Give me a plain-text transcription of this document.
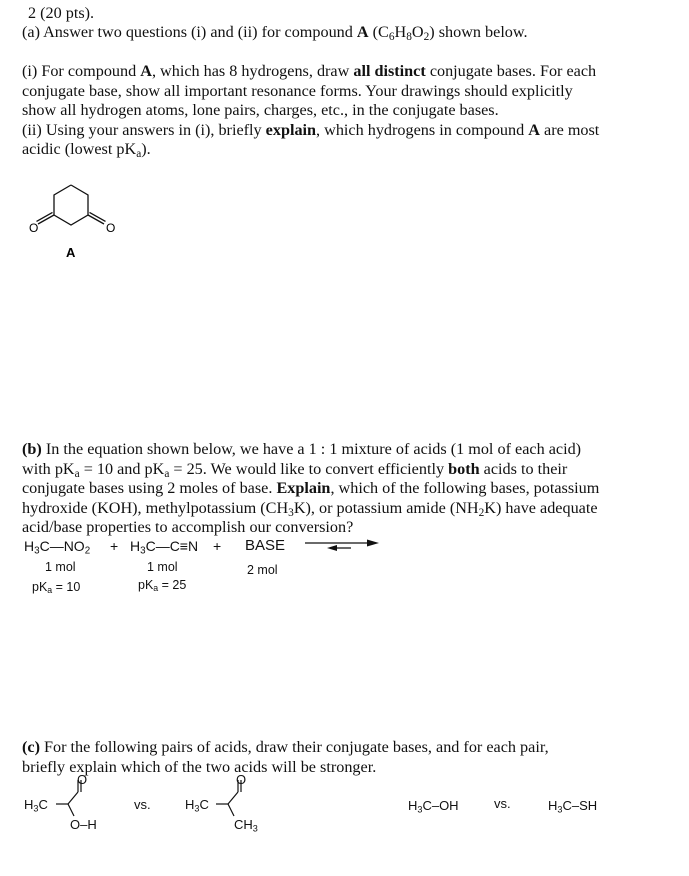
2 (20 pts).
(a) Answer two questions (i) and (ii) for compound A $(C_6H_8O_2)$ shown below.
(i) For compound A, which has 8 hydrogens, draw all distinct conjugate bases. For each
conjugate base, show all important resonance forms. Your drawings should explicitly
show all hydrogen atoms, lone pairs, charges, etc., in the conjugate bases.
(ii) Using your answers in (i), briefly explain, which hydrogens in compound A are most
acidic (lowest $pK_a$).
O	O
A
(b) In the equation shown below, we have a 1 : 1 mixture of acids (1 mol of each acid)
with $pK_a = 10$ and $pK_a = 25$. We would like to convert efficiently both acids to their
conjugate bases using 2 moles of base. Explain, which of the following bases, potassium
hydroxide (KOH), methylpotassium $(CH_3K)$, or potassium amide $(NH_2K)$ have adequate
acid/base properties to accomplish our conversion?
$H_3C—NO_2$ + $H_3C—C\equiv N$ + BASE
1 mol	1 mol	2 mol
$pK_a = 10$	$pK_a = 25$
(c) For the following pairs of acids, draw their conjugate bases, and for each pair,
briefly explain which of the two acids will be stronger.
$H_3C$
O
O–H
vs.	$H_3C$
O
$CH_3$
$H_3C-OH$	vs.	$H_3C-SH$
